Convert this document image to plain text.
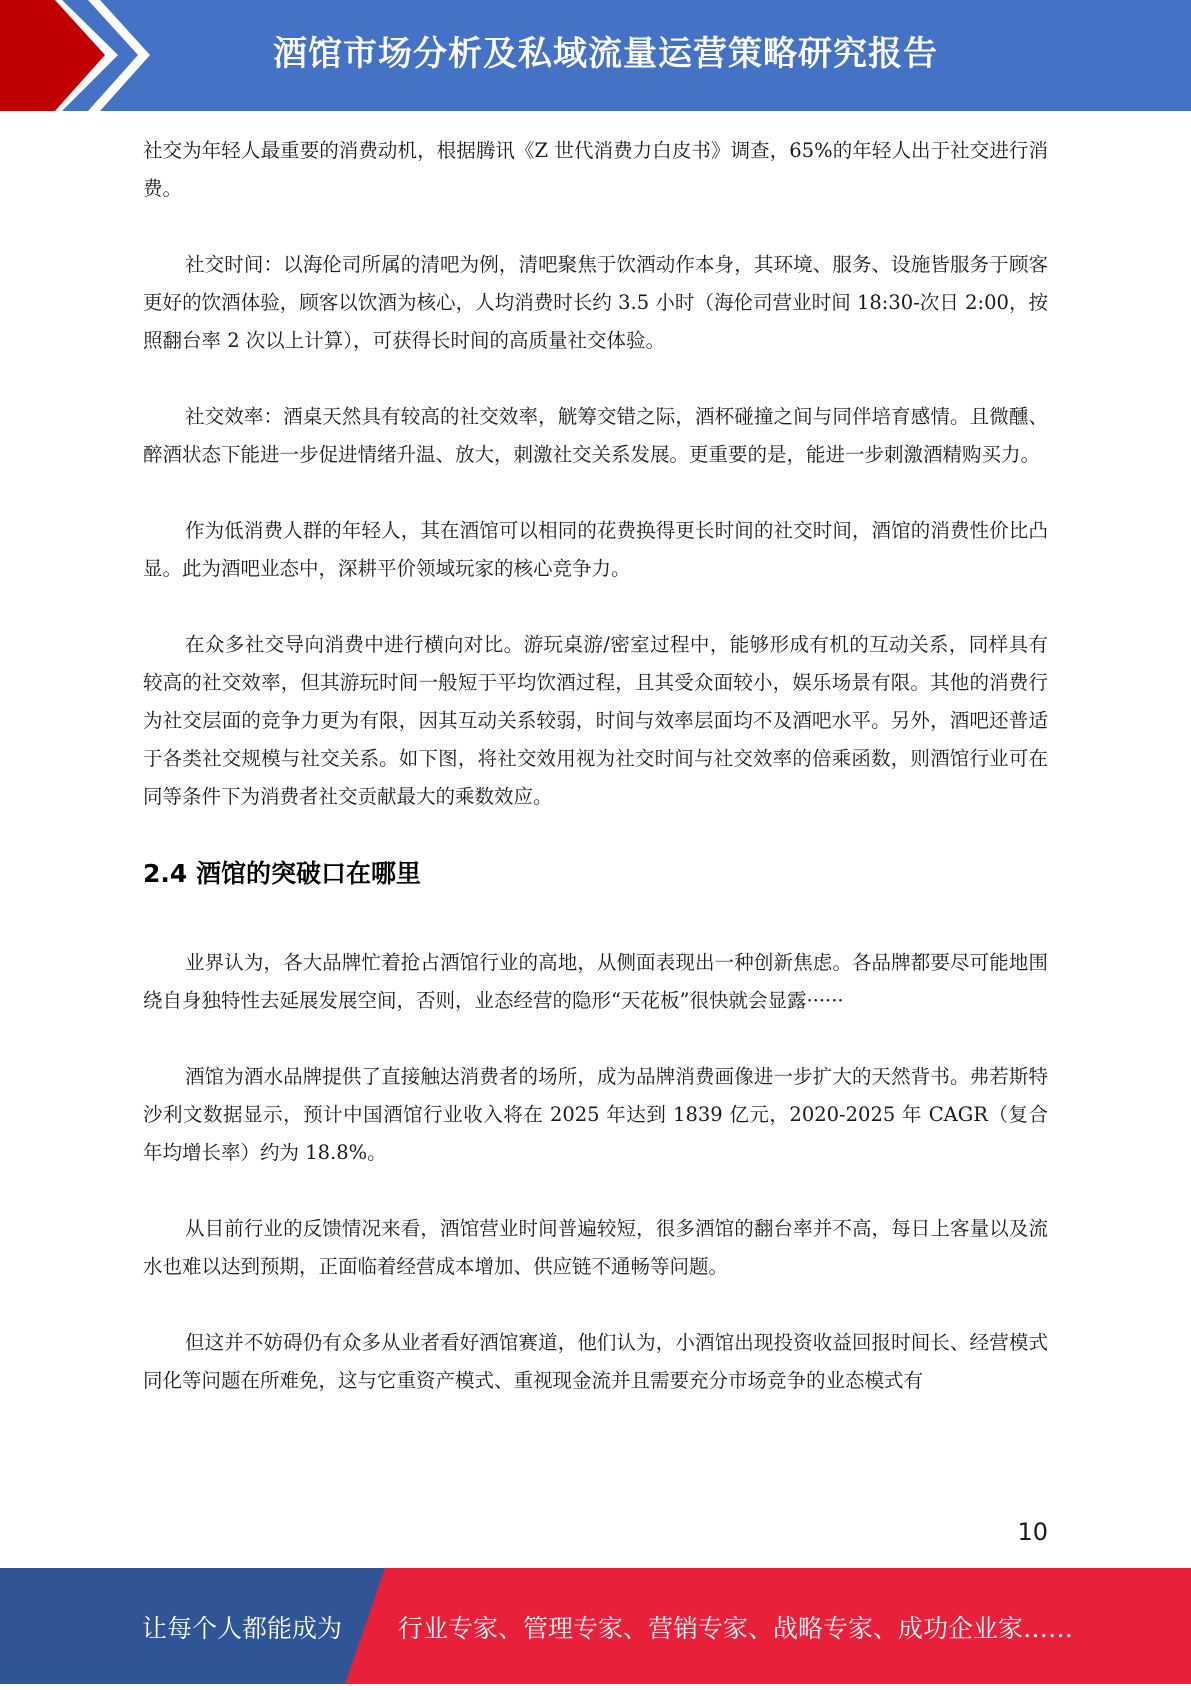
酒馆市场分析及私域流量运营策略研究报告

社交为年轻人最重要的消费动机，根据腾讯《Z 世代消费力白皮书》调查，65%的年轻人出于社交进行消费。

社交时间：以海伦司所属的清吧为例，清吧聚焦于饮酒动作本身，其环境、服务、设施皆服务于顾客更好的饮酒体验，顾客以饮酒为核心，人均消费时长约 3.5 小时（海伦司营业时间 18:30-次日 2:00，按照翻台率 2 次以上计算），可获得长时间的高质量社交体验。

社交效率：酒桌天然具有较高的社交效率，觥筹交错之际，酒杯碰撞之间与同伴培育感情。且微醺、醉酒状态下能进一步促进情绪升温、放大，刺激社交关系发展。更重要的是，能进一步刺激酒精购买力。

作为低消费人群的年轻人，其在酒馆可以相同的花费换得更长时间的社交时间，酒馆的消费性价比凸显。此为酒吧业态中，深耕平价领域玩家的核心竞争力。

在众多社交导向消费中进行横向对比。游玩桌游/密室过程中，能够形成有机的互动关系，同样具有较高的社交效率，但其游玩时间一般短于平均饮酒过程，且其受众面较小，娱乐场景有限。其他的消费行为社交层面的竞争力更为有限，因其互动关系较弱，时间与效率层面均不及酒吧水平。另外，酒吧还普适于各类社交规模与社交关系。如下图，将社交效用视为社交时间与社交效率的倍乘函数，则酒馆行业可在同等条件下为消费者社交贡献最大的乘数效应。

2.4 酒馆的突破口在哪里

业界认为，各大品牌忙着抢占酒馆行业的高地，从侧面表现出一种创新焦虑。各品牌都要尽可能地围绕自身独特性去延展发展空间，否则，业态经营的隐形“天花板”很快就会显露······

酒馆为酒水品牌提供了直接触达消费者的场所，成为品牌消费画像进一步扩大的天然背书。弗若斯特沙利文数据显示，预计中国酒馆行业收入将在 2025 年达到 1839 亿元，2020-2025 年 CAGR（复合年均增长率）约为 18.8%。

从目前行业的反馈情况来看，酒馆营业时间普遍较短，很多酒馆的翻台率并不高，每日上客量以及流水也难以达到预期，正面临着经营成本增加、供应链不通畅等问题。

但这并不妨碍仍有众多从业者看好酒馆赛道，他们认为，小酒馆出现投资收益回报时间长、经营模式同化等问题在所难免，这与它重资产模式、重视现金流并且需要充分市场竞争的业态模式有

10
让每个人都能成为 行业专家、管理专家、营销专家、战略专家、成功企业家……
